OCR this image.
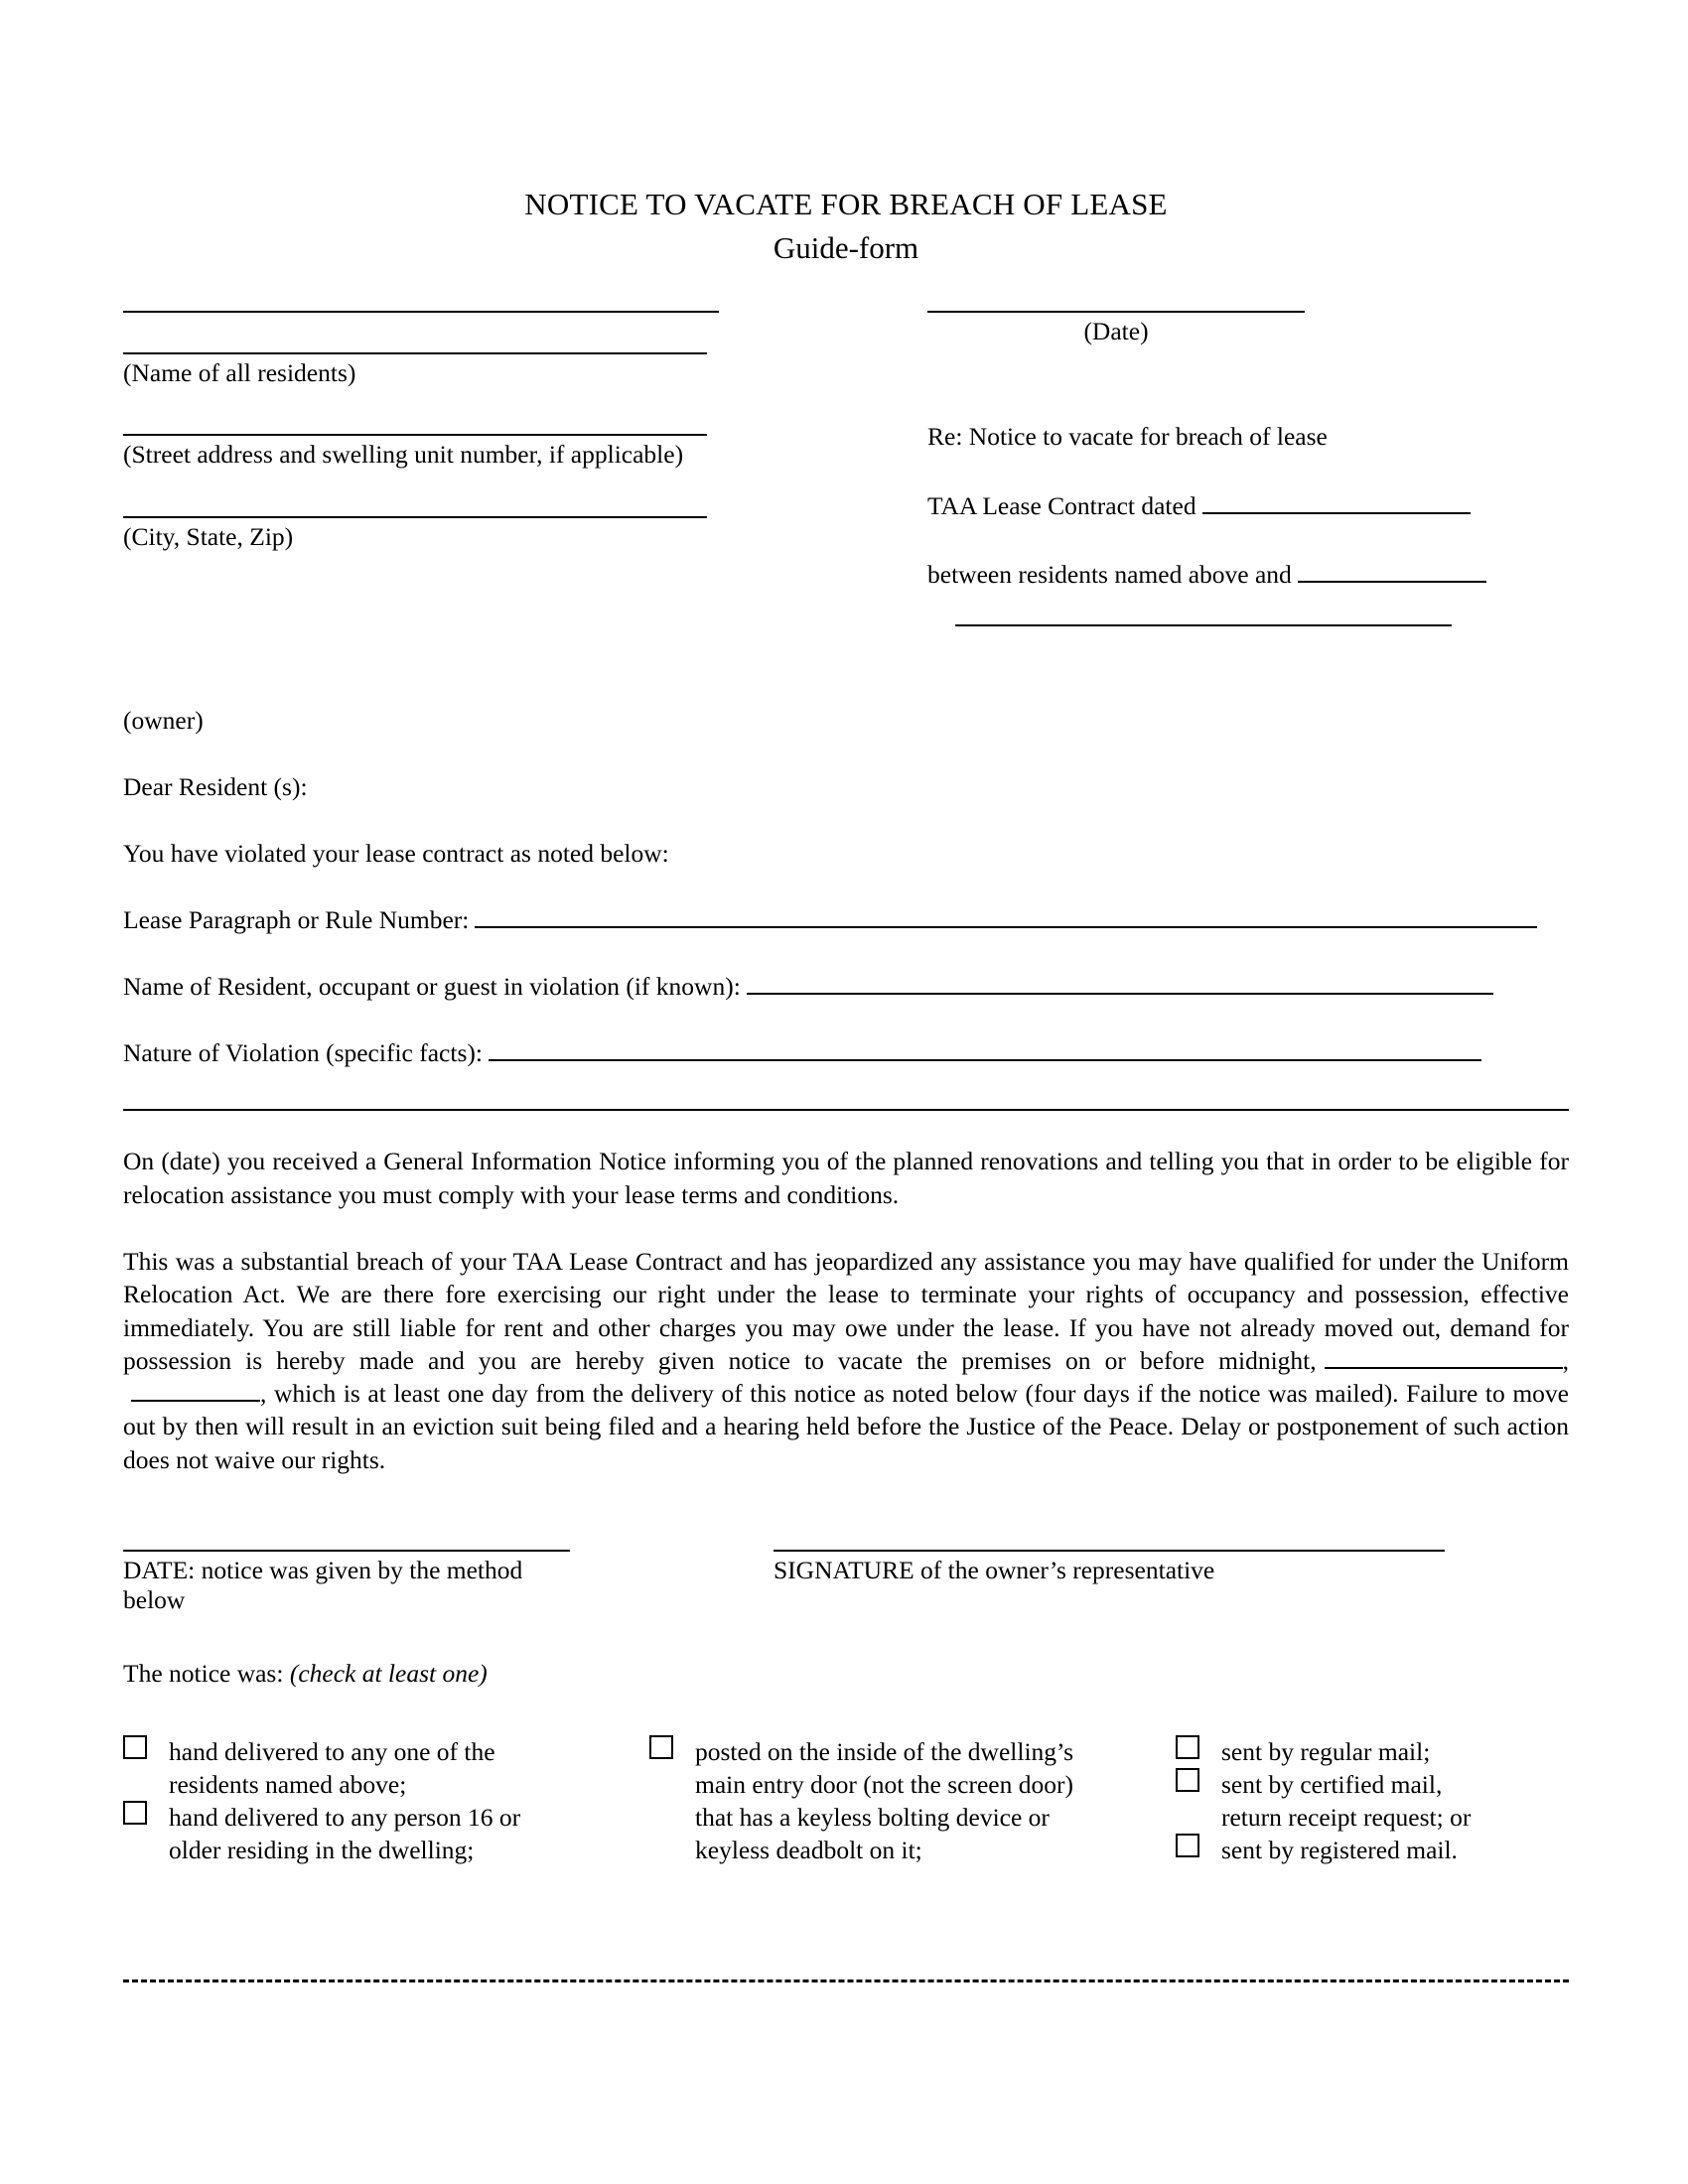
NOTICE TO VACATE FOR BREACH OF LEASE
Guide-form
(Name of all residents)
(Street address and swelling unit number, if applicable)
(City, State, Zip)
(Date)
Re: Notice to vacate for breach of lease
TAA Lease Contract dated
between residents named above and
(owner)
Dear Resident (s):
You have violated your lease contract as noted below:
Lease Paragraph or Rule Number:
Name of Resident, occupant or guest in violation (if known):
Nature of Violation (specific facts):

On (date) you received a General Information Notice informing you of the planned renovations and telling you that in order to be eligible for relocation assistance you must comply with your lease terms and conditions.

This was a substantial breach of your TAA Lease Contract and has jeopardized any assistance you may have qualified for under the Uniform Relocation Act. We are there fore exercising our right under the lease to terminate your rights of occupancy and possession, effective immediately. You are still liable for rent and other charges you may owe under the lease. If you have not already moved out, demand for possession is hereby made and you are hereby given notice to vacate the premises on or before midnight,	,, which is at least one day from the delivery of this notice as noted below (four days if the notice was mailed). Failure to move out by then will result in an eviction suit being filed and a hearing held before the Justice of the Peace. Delay or postponement of such action does not waive our rights.

DATE: notice was given by the method below
SIGNATURE of the owner’s representative
The notice was: (check at least one)
hand delivered to any one of the
residents named above;
hand delivered to any person 16 or
older residing in the dwelling;
posted on the inside of the dwelling’s
main entry door (not the screen door)
that has a keyless bolting device or
keyless deadbolt on it;
sent by regular mail;
sent by certified mail,
return receipt request; or
sent by registered mail.
